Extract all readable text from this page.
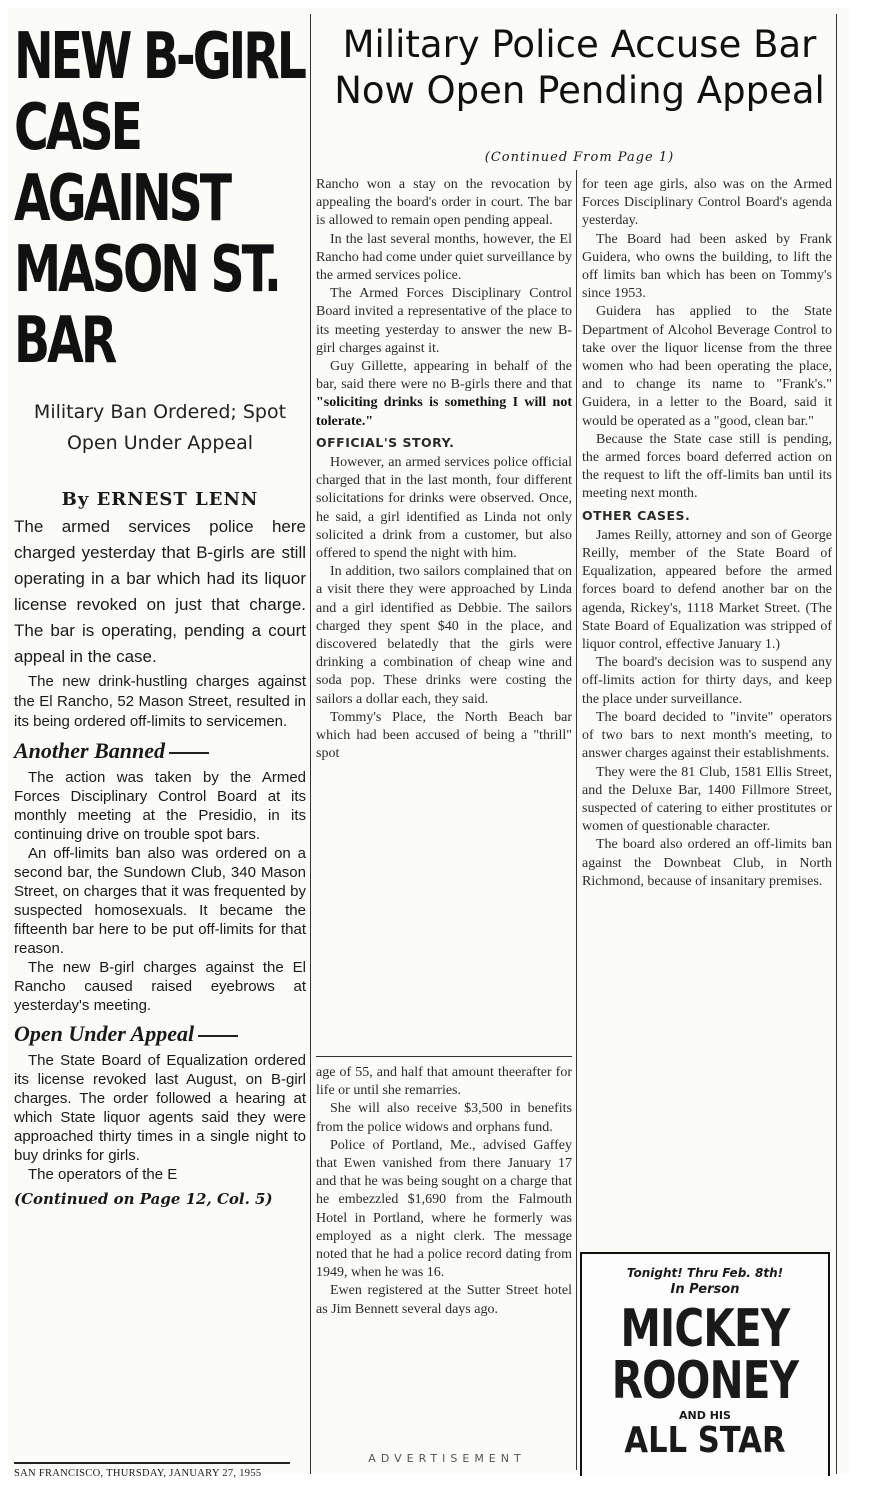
NEW B-GIRL
CASE AGAINST
MASON ST. BAR
Military Ban Ordered; Spot
Open Under Appeal
By ERNEST LENN

The armed services police here charged yesterday that B-girls are still operating in a bar which had its liquor license revoked on just that charge. The bar is operating, pending a court appeal in the case.

The new drink-hustling charges against the El Rancho, 52 Mason Street, resulted in its being ordered off-limits to servicemen.

Another Banned

The action was taken by the Armed Forces Disciplinary Control Board at its monthly meeting at the Presidio, in its continuing drive on trouble spot bars.

An off-limits ban also was ordered on a second bar, the Sundown Club, 340 Mason Street, on charges that it was frequented by suspected homosexuals. It became the fifteenth bar here to be put off-limits for that reason.

The new B-girl charges against the El Rancho caused raised eyebrows at yesterday's meeting.

Open Under Appeal

The State Board of Equalization ordered its license revoked last August, on B-girl charges. The order followed a hearing at which State liquor agents said they were approached thirty times in a single night to buy drinks for girls.

The operators of the E

(Continued on Page 12, Col. 5)
Military Police Accuse Bar
Now Open Pending Appeal
(Continued From Page 1)

Rancho won a stay on the revocation by appealing the board's order in court. The bar is allowed to remain open pending appeal.

In the last several months, however, the El Rancho had come under quiet surveillance by the armed services police.

The Armed Forces Disciplinary Control Board invited a representative of the place to its meeting yesterday to answer the new B-girl charges against it.

Guy Gillette, appearing in behalf of the bar, said there were no B-girls there and that "soliciting drinks is something I will not tolerate."

OFFICIAL'S STORY.

However, an armed services police official charged that in the last month, four different solicitations for drinks were observed. Once, he said, a girl identified as Linda not only solicited a drink from a customer, but also offered to spend the night with him.

In addition, two sailors complained that on a visit there they were approached by Linda and a girl identified as Debbie. The sailors charged they spent $40 in the place, and discovered belatedly that the girls were drinking a combination of cheap wine and soda pop. These drinks were costing the sailors a dollar each, they said.

Tommy's Place, the North Beach bar which had been accused of being a "thrill" spot

age of 55, and half that amount theerafter for life or until she remarries.

She will also receive $3,500 in benefits from the police widows and orphans fund.

Police of Portland, Me., advised Gaffey that Ewen vanished from there January 17 and that he was being sought on a charge that he embezzled $1,690 from the Falmouth Hotel in Portland, where he formerly was employed as a night clerk. The message noted that he had a police record dating from 1949, when he was 16.

Ewen registered at the Sutter Street hotel as Jim Bennett several days ago.

ADVERTISEMENT

for teen age girls, also was on the Armed Forces Disciplinary Control Board's agenda yesterday.

The Board had been asked by Frank Guidera, who owns the building, to lift the off limits ban which has been on Tommy's since 1953.

Guidera has applied to the State Department of Alcohol Beverage Control to take over the liquor license from the three women who had been operating the place, and to change its name to "Frank's." Guidera, in a letter to the Board, said it would be operated as a "good, clean bar."

Because the State case still is pending, the armed forces board deferred action on the request to lift the off-limits ban until its meeting next month.

OTHER CASES.

James Reilly, attorney and son of George Reilly, member of the State Board of Equalization, appeared before the armed forces board to defend another bar on the agenda, Rickey's, 1118 Market Street. (The State Board of Equalization was stripped of liquor control, effective January 1.)

The board's decision was to suspend any off-limits action for thirty days, and keep the place under surveillance.

The board decided to "invite" operators of two bars to next month's meeting, to answer charges against their establishments.

They were the 81 Club, 1581 Ellis Street, and the Deluxe Bar, 1400 Fillmore Street, suspected of catering to either prostitutes or women of questionable character.

The board also ordered an off-limits ban against the Downbeat Club, in North Richmond, because of insanitary premises.

Tonight! Thru Feb. 8th!
In Person
MICKEY
ROONEY
AND HIS
ALL STAR
SAN FRANCISCO, THURSDAY, JANUARY 27, 1955
